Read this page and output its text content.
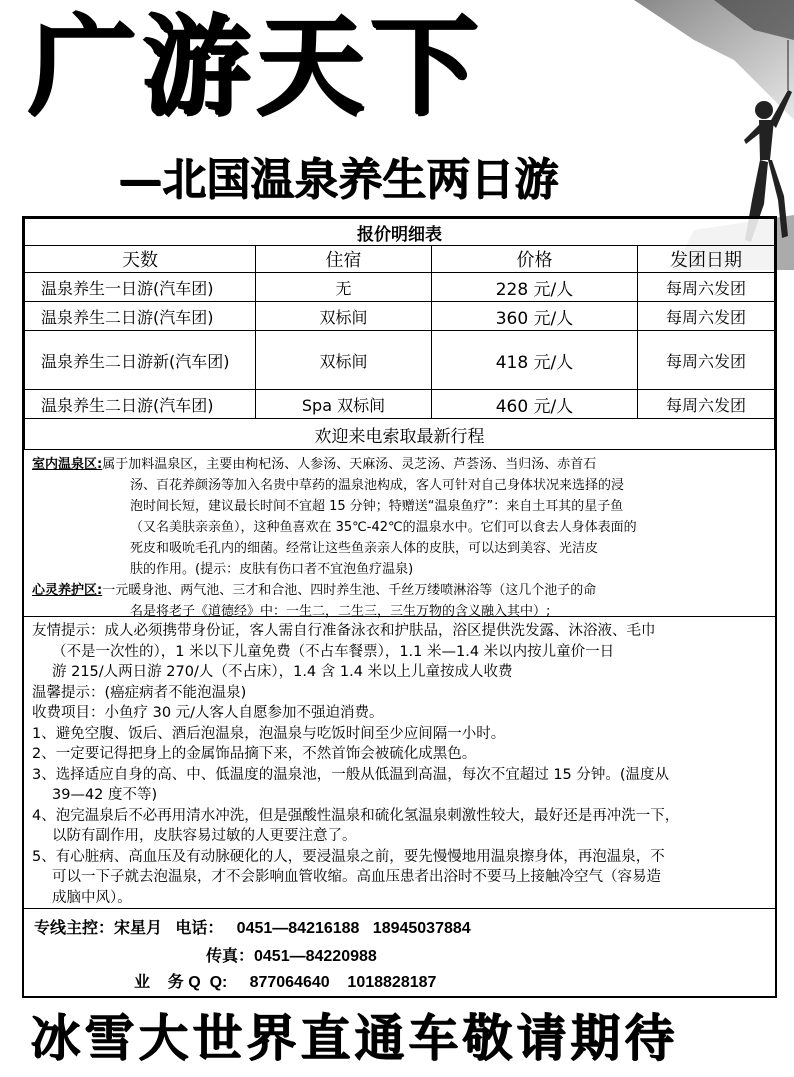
广游天下
—北国温泉养生两日游
报价明细表			
天数	住宿	价格	发团日期
温泉养生一日游(汽车团)	无	228 元/人	每周六发团
温泉养生二日游(汽车团)	双标间	360 元/人	每周六发团
温泉养生二日游新(汽车团)	双标间	418 元/人	每周六发团
温泉养生二日游(汽车团)	Spa 双标间	460 元/人	每周六发团
欢迎来电索取最新行程			
室内温泉区:属于加料温泉区，主要由枸杞汤、人参汤、天麻汤、灵芝汤、芦荟汤、当归汤、赤首石
汤、百花养颜汤等加入名贵中草药的温泉池构成，客人可针对自己身体状况来选择的浸
泡时间长短，建议最长时间不宜超 15 分钟；特赠送“温泉鱼疗”：来自土耳其的星子鱼
（又名美肤亲亲鱼），这种鱼喜欢在 35℃-42℃的温泉水中。它们可以食去人身体表面的
死皮和吸吮毛孔内的细菌。经常让这些鱼亲亲人体的皮肤，可以达到美容、光洁皮
肤的作用。(提示：皮肤有伤口者不宜泡鱼疗温泉)
心灵养护区:一元暖身池、两气池、三才和合池、四时养生池、千丝万缕喷淋浴等（这几个池子的命
名是将老子《道德经》中：一生二，二生三，三生万物的含义融入其中）;

友情提示：成人必须携带身份证，客人需自行准备泳衣和护肤品，浴区提供洗发露、沐浴液、毛巾

（不是一次性的），1 米以下儿童免费（不占车餐票），1.1 米—1.4 米以内按儿童价一日

游 215/人两日游 270/人（不占床），1.4 含 1.4 米以上儿童按成人收费

温馨提示：(癌症病者不能泡温泉)

收费项目：小鱼疗 30 元/人客人自愿参加不强迫消费。

1、避免空腹、饭后、酒后泡温泉，泡温泉与吃饭时间至少应间隔一小时。

2、一定要记得把身上的金属饰品摘下来，不然首饰会被硫化成黑色。

3、选择适应自身的高、中、低温度的温泉池，一般从低温到高温，每次不宜超过 15 分钟。(温度从

39—42 度不等)

4、泡完温泉后不必再用清水冲洗，但是强酸性温泉和硫化氢温泉刺激性较大，最好还是再冲洗一下，

以防有副作用，皮肤容易过敏的人更要注意了。

5、有心脏病、高血压及有动脉硬化的人，要浸温泉之前，要先慢慢地用温泉擦身体，再泡温泉，不

可以一下子就去泡温泉，才不会影响血管收缩。高血压患者出浴时不要马上接触冷空气（容易造

成脑中风）。

专线主控：宋星月   电话：   0451—84216188   18945037884
传真：0451—84220988
业    务 Q  Q:     877064640    1018828187
冰雪大世界直通车敬请期待
